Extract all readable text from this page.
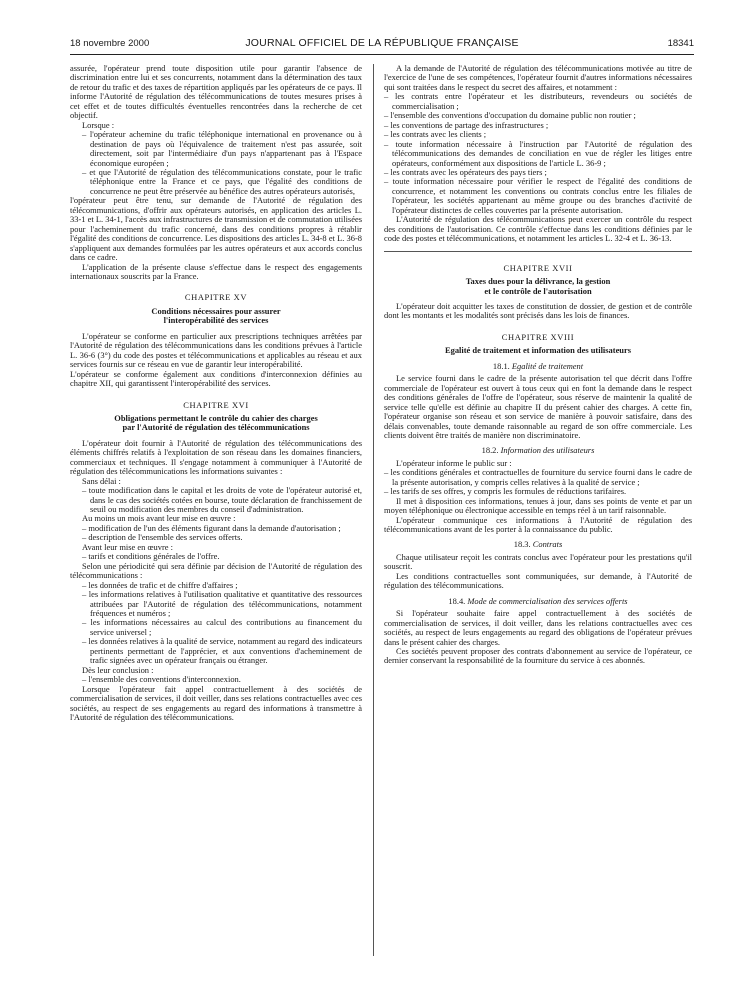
18 novembre 2000	JOURNAL OFFICIEL DE LA RÉPUBLIQUE FRANÇAISE	18341

assurée, l'opérateur prend toute disposition utile pour garantir l'absence de discrimination entre lui et ses concurrents, notamment dans la détermination des taux de retour du trafic et des taxes de répartition appliqués par les opérateurs de ce pays. Il informe l'Autorité de régulation des télécommunications de toutes mesures prises à cet effet et de toutes difficultés éventuelles rencontrées dans la recherche de cet objectif.

Lorsque :

– l'opérateur achemine du trafic téléphonique international en provenance ou à destination de pays où l'équivalence de traitement n'est pas assurée, soit directement, soit par l'intermédiaire d'un pays n'appartenant pas à l'Espace économique européen ;

– et que l'Autorité de régulation des télécommunications constate, pour le trafic téléphonique entre la France et ce pays, que l'égalité des conditions de concurrence ne peut être préservée au bénéfice des autres opérateurs autorisés,

l'opérateur peut être tenu, sur demande de l'Autorité de régulation des télécommunications, d'offrir aux opérateurs autorisés, en application des articles L. 33-1 et L. 34-1, l'accès aux infrastructures de transmission et de commutation utilisées pour l'acheminement du trafic concerné, dans des conditions propres à rétablir l'égalité des conditions de concurrence. Les dispositions des articles L. 34-8 et L. 36-8 s'appliquent aux demandes formulées par les autres opérateurs et aux accords conclus dans ce cadre.

L'application de la présente clause s'effectue dans le respect des engagements internationaux souscrits par la France.

CHAPITRE XV

Conditions nécessaires pour assurer
l'interopérabilité des services

L'opérateur se conforme en particulier aux prescriptions techniques arrêtées par l'Autorité de régulation des télécommunications dans les conditions prévues à l'article L. 36-6 (3°) du code des postes et télécommunications et applicables au réseau et aux services fournis sur ce réseau en vue de garantir leur interopérabilité.

L'opérateur se conforme également aux conditions d'interconnexion définies au chapitre XII, qui garantissent l'interopérabilité des services.

CHAPITRE XVI

Obligations permettant le contrôle du cahier des charges
par l'Autorité de régulation des télécommunications

L'opérateur doit fournir à l'Autorité de régulation des télécommunications des éléments chiffrés relatifs à l'exploitation de son réseau dans les domaines financiers, commerciaux et techniques. Il s'engage notamment à communiquer à l'Autorité de régulation des télécommunications les informations suivantes :

Sans délai :

– toute modification dans le capital et les droits de vote de l'opérateur autorisé et, dans le cas des sociétés cotées en bourse, toute déclaration de franchissement de seuil ou modification des membres du conseil d'administration.

Au moins un mois avant leur mise en œuvre :

– modification de l'un des éléments figurant dans la demande d'autorisation ;

– description de l'ensemble des services offerts.

Avant leur mise en œuvre :

– tarifs et conditions générales de l'offre.

Selon une périodicité qui sera définie par décision de l'Autorité de régulation des télécommunications :

– les données de trafic et de chiffre d'affaires ;

– les informations relatives à l'utilisation qualitative et quantitative des ressources attribuées par l'Autorité de régulation des télécommunications, notamment fréquences et numéros ;

– les informations nécessaires au calcul des contributions au financement du service universel ;

– les données relatives à la qualité de service, notamment au regard des indicateurs pertinents permettant de l'apprécier, et aux conventions d'acheminement de trafic signées avec un opérateur français ou étranger.

Dès leur conclusion :

– l'ensemble des conventions d'interconnexion.

Lorsque l'opérateur fait appel contractuellement à des sociétés de commercialisation de services, il doit veiller, dans ses relations contractuelles avec ces sociétés, au respect de ses engagements au regard des informations à transmettre à l'Autorité de régulation des télécommunications.

A la demande de l'Autorité de régulation des télécommunications motivée au titre de l'exercice de l'une de ses compétences, l'opérateur fournit d'autres informations nécessaires qui sont traitées dans le respect du secret des affaires, et notamment :

– les contrats entre l'opérateur et les distributeurs, revendeurs ou sociétés de commercialisation ;

– l'ensemble des conventions d'occupation du domaine public non routier ;

– les conventions de partage des infrastructures ;

– les contrats avec les clients ;

– toute information nécessaire à l'instruction par l'Autorité de régulation des télécommunications des demandes de conciliation en vue de régler les litiges entre opérateurs, conformément aux dispositions de l'article L. 36-9 ;

– les contrats avec les opérateurs des pays tiers ;

– toute information nécessaire pour vérifier le respect de l'égalité des conditions de concurrence, et notamment les conventions ou contrats conclus entre les filiales de l'opérateur, les sociétés appartenant au même groupe ou des branches d'activité de l'opérateur distinctes de celles couvertes par la présente autorisation.

L'Autorité de régulation des télécommunications peut exercer un contrôle du respect des conditions de l'autorisation. Ce contrôle s'effectue dans les conditions définies par le code des postes et télécommunications, et notamment les articles L. 32-4 et L. 36-13.

CHAPITRE XVII

Taxes dues pour la délivrance, la gestion
et le contrôle de l'autorisation

L'opérateur doit acquitter les taxes de constitution de dossier, de gestion et de contrôle dont les montants et les modalités sont précisés dans les lois de finances.

CHAPITRE XVIII

Egalité de traitement et information des utilisateurs

18.1. Egalité de traitement

Le service fourni dans le cadre de la présente autorisation tel que décrit dans l'offre commerciale de l'opérateur est ouvert à tous ceux qui en font la demande dans le respect des conditions générales de l'offre de l'opérateur, sous réserve de maintenir la qualité de service telle qu'elle est définie au chapitre II du présent cahier des charges. A cette fin, l'opérateur organise son réseau et son service de manière à pouvoir satisfaire, dans des délais convenables, toute demande raisonnable au regard de son offre commerciale. Les clients doivent être traités de manière non discriminatoire.

18.2. Information des utilisateurs

L'opérateur informe le public sur :

– les conditions générales et contractuelles de fourniture du service fourni dans le cadre de la présente autorisation, y compris celles relatives à la qualité de service ;

– les tarifs de ses offres, y compris les formules de réductions tarifaires.

Il met à disposition ces informations, tenues à jour, dans ses points de vente et par un moyen téléphonique ou électronique accessible en temps réel à un tarif raisonnable.

L'opérateur communique ces informations à l'Autorité de régulation des télécommunications avant de les porter à la connaissance du public.

18.3. Contrats

Chaque utilisateur reçoit les contrats conclus avec l'opérateur pour les prestations qu'il souscrit.

Les conditions contractuelles sont communiquées, sur demande, à l'Autorité de régulation des télécommunications.

18.4. Mode de commercialisation des services offerts

Si l'opérateur souhaite faire appel contractuellement à des sociétés de commercialisation de services, il doit veiller, dans les relations contractuelles avec ces sociétés, au respect de leurs engagements au regard des obligations de l'opérateur prévues dans le présent cahier des charges.

Ces sociétés peuvent proposer des contrats d'abonnement au service de l'opérateur, ce dernier conservant la responsabilité de la fourniture du service à ces abonnés.
